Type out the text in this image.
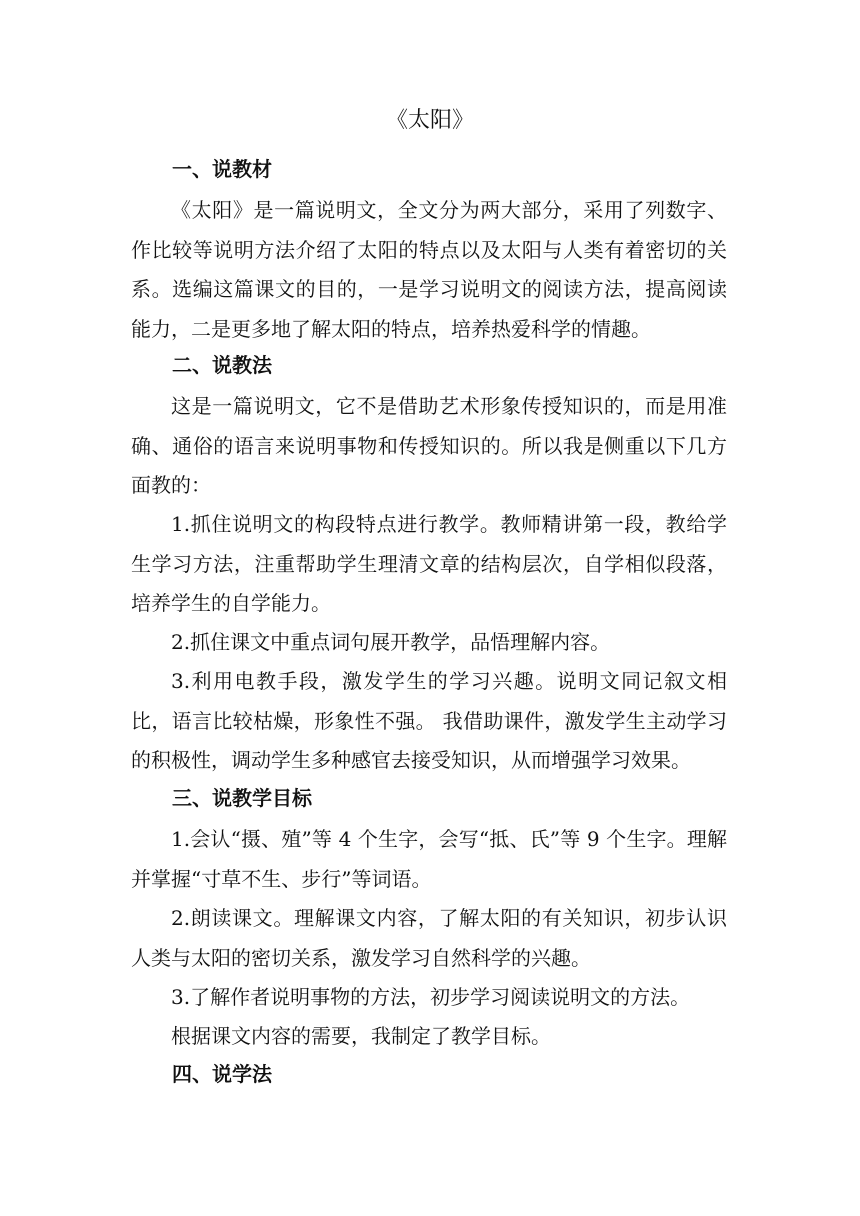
《太阳》
一、说教材

《太阳》是一篇说明文，全文分为两大部分，采用了列数字、作比较等说明方法介绍了太阳的特点以及太阳与人类有着密切的关系。选编这篇课文的目的，一是学习说明文的阅读方法，提高阅读能力，二是更多地了解太阳的特点，培养热爱科学的情趣。

二、说教法

这是一篇说明文，它不是借助艺术形象传授知识的，而是用准确、通俗的语言来说明事物和传授知识的。所以我是侧重以下几方面教的：

1.抓住说明文的构段特点进行教学。教师精讲第一段，教给学生学习方法，注重帮助学生理清文章的结构层次，自学相似段落，培养学生的自学能力。

2.抓住课文中重点词句展开教学，品悟理解内容。

3.利用电教手段，激发学生的学习兴趣。说明文同记叙文相比，语言比较枯燥，形象性不强。 我借助课件，激发学生主动学习的积极性，调动学生多种感官去接受知识，从而增强学习效果。

三、说教学目标

1.会认“摄、殖”等 4 个生字，会写“抵、氏”等 9 个生字。理解并掌握“寸草不生、步行”等词语。

2.朗读课文。理解课文内容，了解太阳的有关知识，初步认识人类与太阳的密切关系，激发学习自然科学的兴趣。

3.了解作者说明事物的方法，初步学习阅读说明文的方法。

根据课文内容的需要，我制定了教学目标。

四、说学法
